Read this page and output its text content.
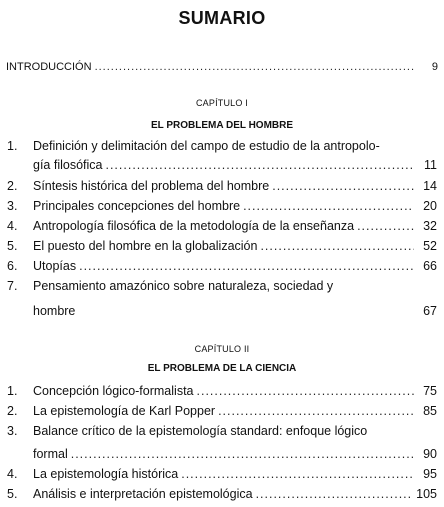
SUMARIO
INTRODUCCIÓN .....	9
CAPÍTULO I
EL PROBLEMA DEL HOMBRE
1. Definición y delimitación del campo de estudio de la antropolo-
gía filosófica .....	11
2. Síntesis histórica del problema del hombre .....	14
3. Principales concepciones del hombre .....	20
4. Antropología filosófica de la metodología de la enseñanza .....	32
5. El puesto del hombre en la globalización .....	52
6. Utopías .....	66
7. Pensamiento amazónico sobre naturaleza, sociedad y
hombre	67
CAPÍTULO II
EL PROBLEMA DE LA CIENCIA
1. Concepción lógico-formalista .....	75
2. La epistemología de Karl Popper .....	85
3. Balance crítico de la epistemología standard: enfoque lógico
formal .....	90
4. La epistemología histórica .....	95
5. Análisis e interpretación epistemológica .....	105
